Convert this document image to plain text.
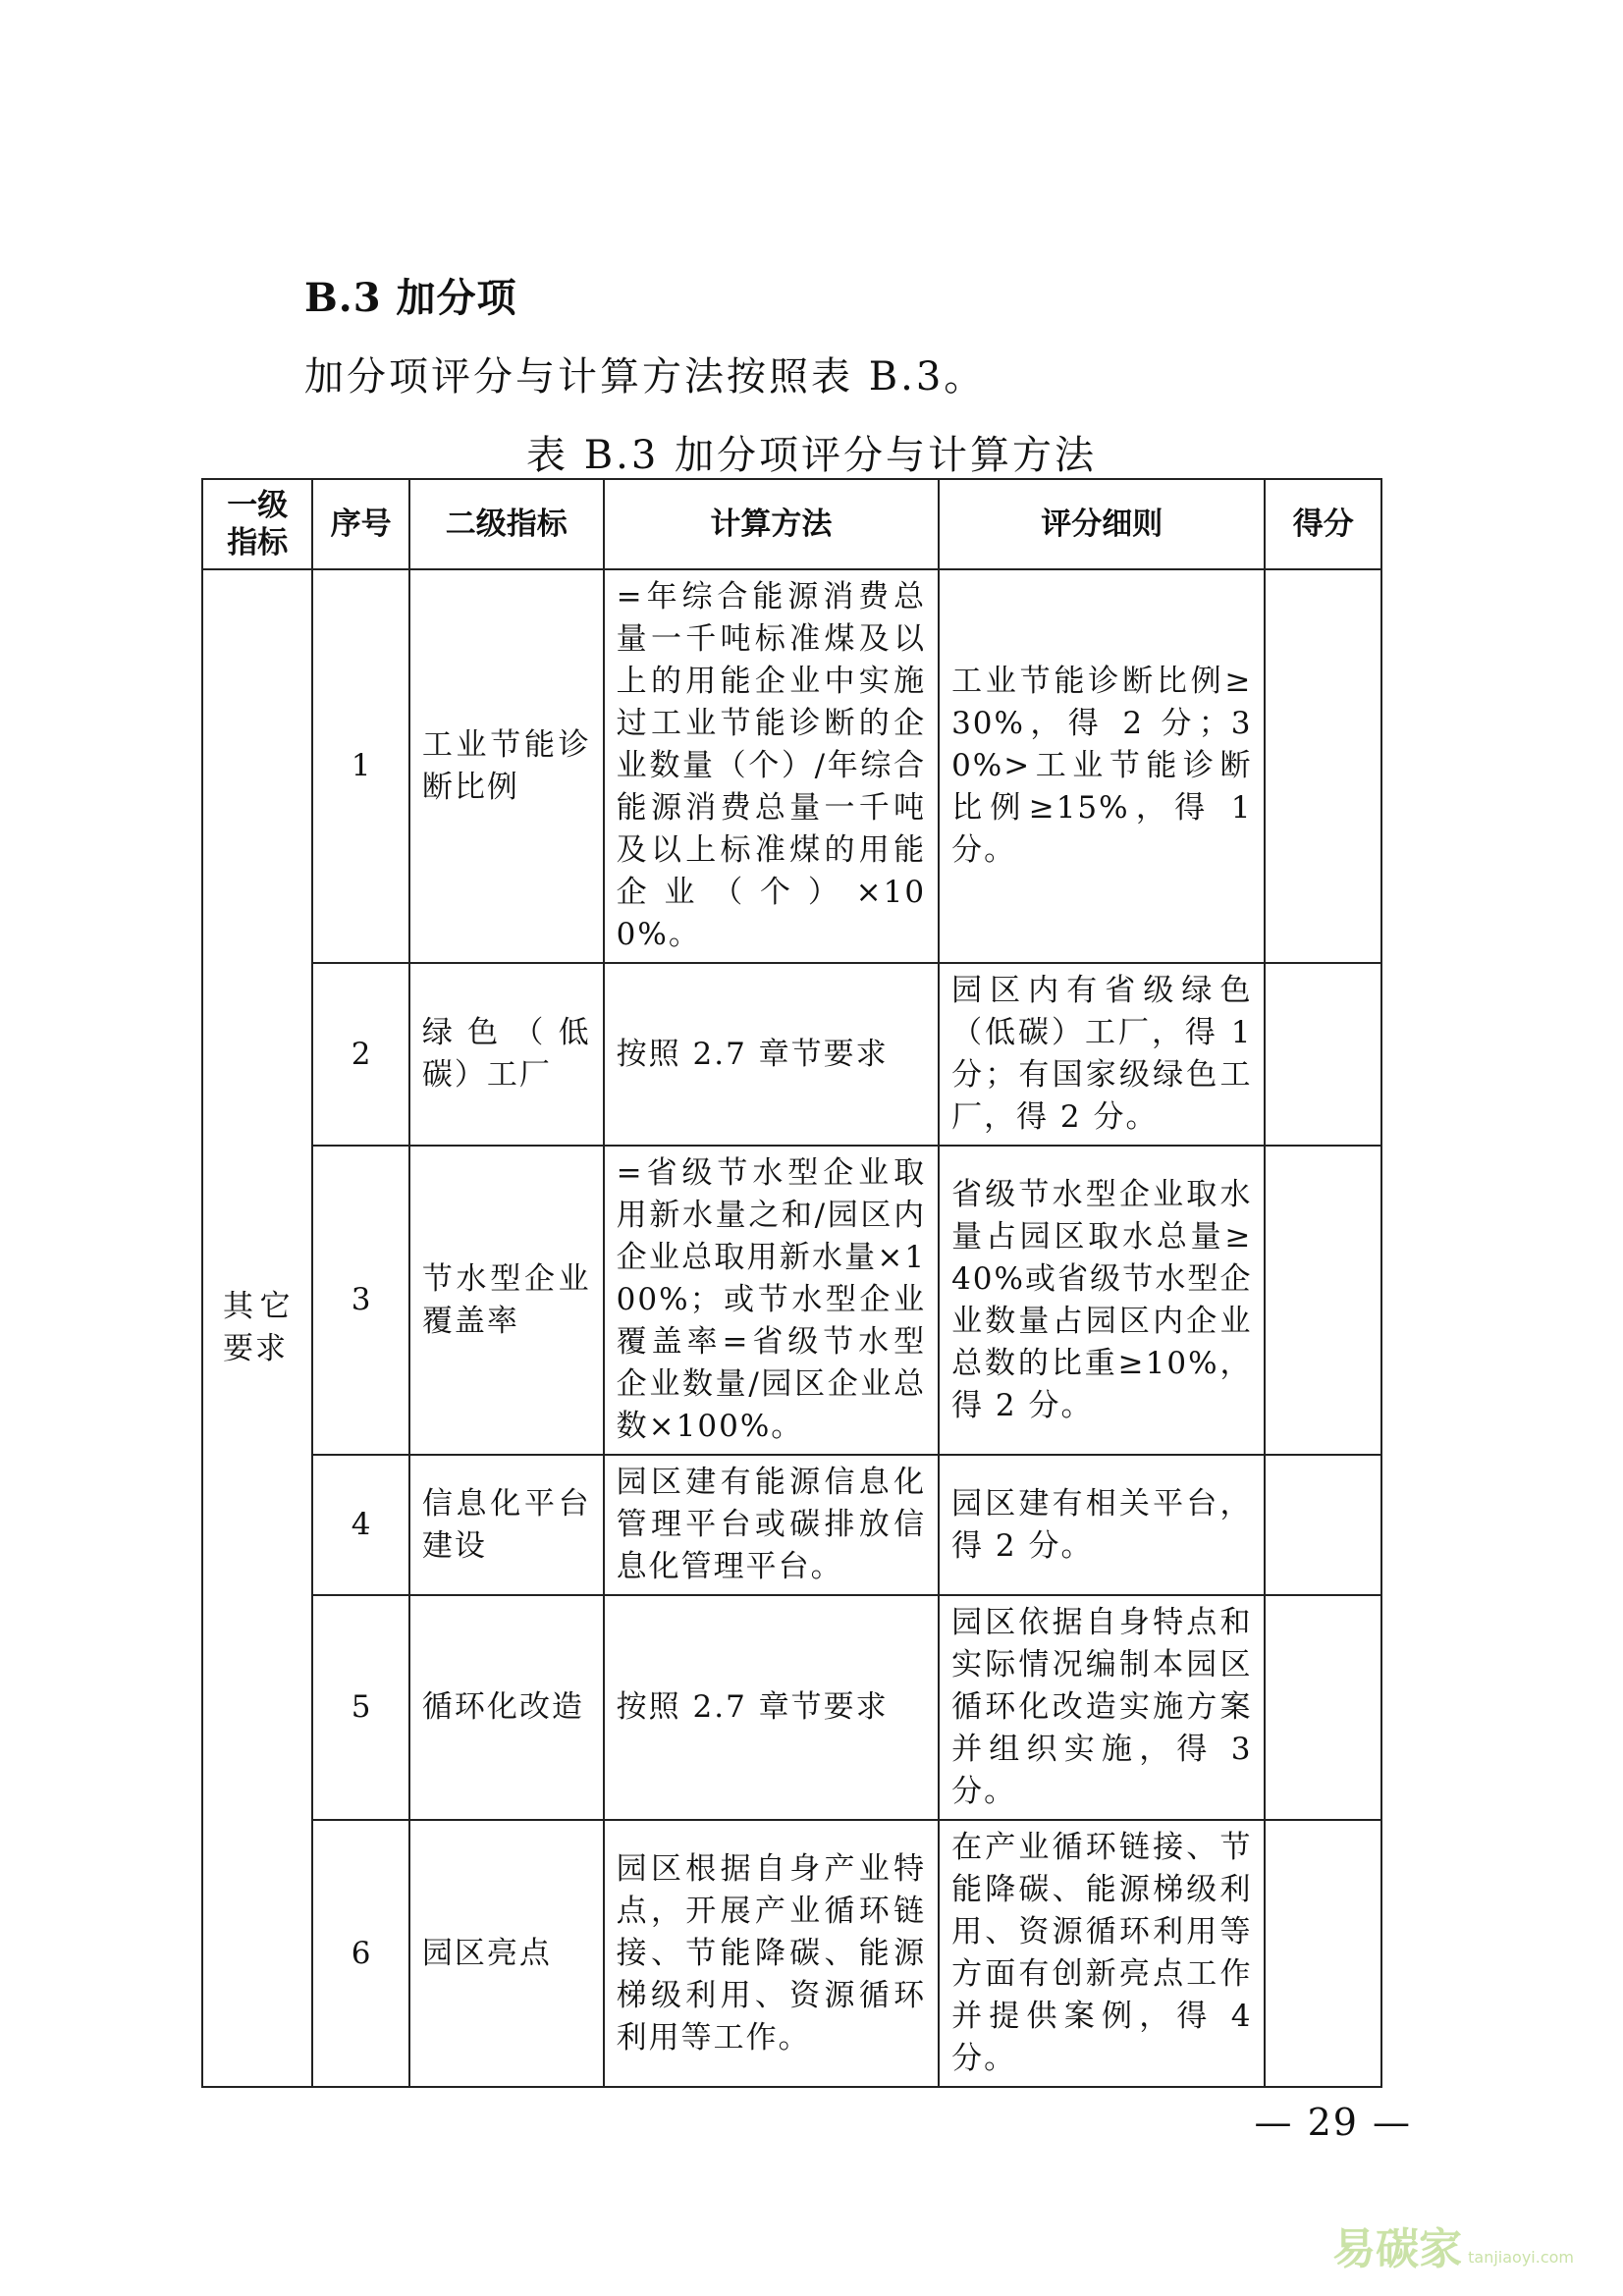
B.3 加分项
加分项评分与计算方法按照表 B.3。
表 B.3 加分项评分与计算方法
一级指标	序号	二级指标	计算方法	评分细则	得分
其它要求	1	工业节能诊断比例	=年综合能源消费总量一千吨标准煤及以上的用能企业中实施过工业节能诊断的企业数量（个）/年综合能源消费总量一千吨及以上标准煤的用能企业（个）×100%。	工业节能诊断比例≥30%，得 2 分；30%>工业节能诊断比例≥15%，得 1 分。	
	2	绿色（低碳）工厂	按照 2.7 章节要求	园区内有省级绿色（低碳）工厂，得 1 分；有国家级绿色工厂，得 2 分。	
	3	节水型企业覆盖率	=省级节水型企业取用新水量之和/园区内企业总取用新水量×100%；或节水型企业覆盖率=省级节水型企业数量/园区企业总数×100%。	省级节水型企业取水量占园区取水总量≥40%或省级节水型企业数量占园区内企业总数的比重≥10%，得 2 分。	
	4	信息化平台建设	园区建有能源信息化管理平台或碳排放信息化管理平台。	园区建有相关平台，得 2 分。	
	5	循环化改造	按照 2.7 章节要求	园区依据自身特点和实际情况编制本园区循环化改造实施方案并组织实施，得 3 分。	
	6	园区亮点	园区根据自身产业特点，开展产业循环链接、节能降碳、能源梯级利用、资源循环利用等工作。	在产业循环链接、节能降碳、能源梯级利用、资源循环利用等方面有创新亮点工作并提供案例，得 4 分。	
— 29 —
易碳家 tanjiaoyi.com
